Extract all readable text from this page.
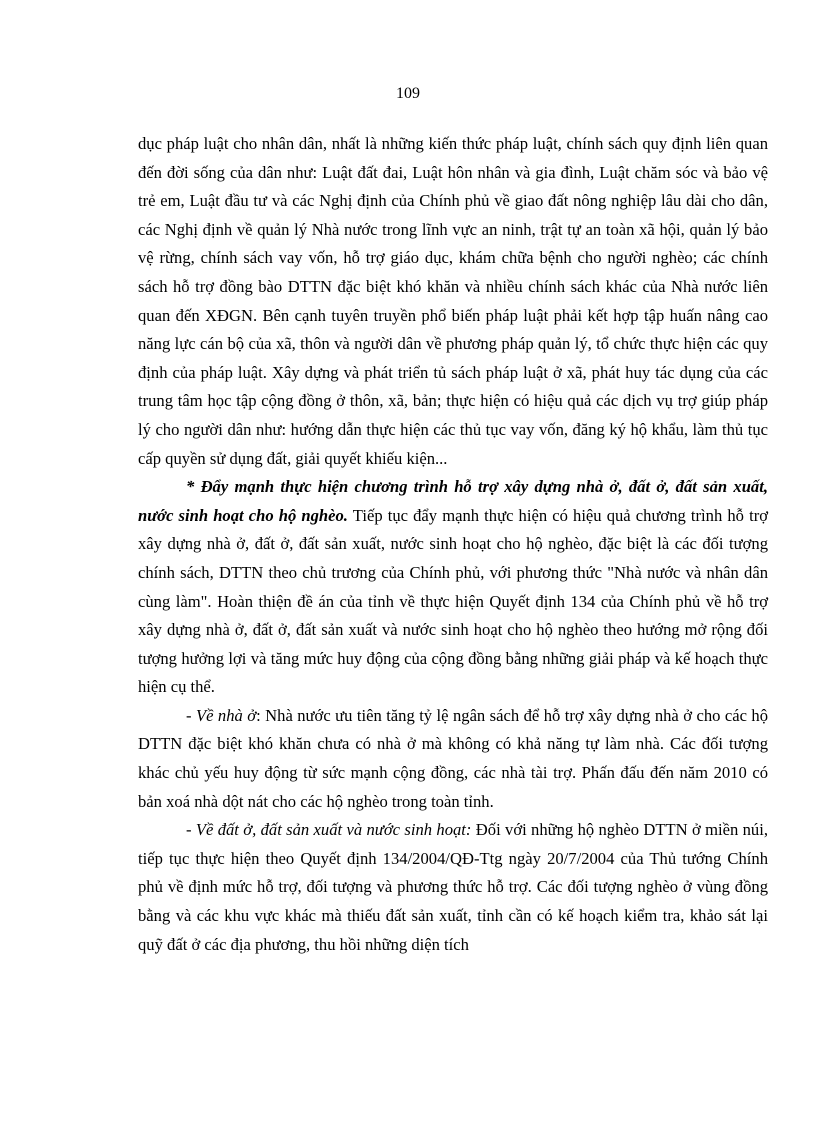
109

dục pháp luật cho nhân dân, nhất là những kiến thức pháp luật, chính sách quy định liên quan đến đời sống của dân như: Luật đất đai, Luật hôn nhân và gia đình, Luật chăm sóc và bảo vệ trẻ em, Luật đầu tư và các Nghị định của Chính phủ về giao đất nông nghiệp lâu dài cho dân, các Nghị định về quản lý Nhà nước trong lĩnh vực an ninh, trật tự an toàn xã hội, quản lý bảo vệ rừng, chính sách vay vốn, hỗ trợ giáo dục, khám chữa bệnh cho người nghèo; các chính sách hỗ trợ đồng bào DTTN đặc biệt khó khăn và nhiều chính sách khác của Nhà nước liên quan đến XĐGN. Bên cạnh tuyên truyền phổ biến pháp luật phải kết hợp tập huấn nâng cao năng lực cán bộ của xã, thôn và người dân về phương pháp quản lý, tổ chức thực hiện các quy định của pháp luật. Xây dựng và phát triển tủ sách pháp luật ở xã, phát huy tác dụng của các trung tâm học tập cộng đồng ở thôn, xã, bản; thực hiện có hiệu quả các dịch vụ trợ giúp pháp lý cho người dân như: hướng dẫn thực hiện các thủ tục vay vốn, đăng ký hộ khẩu, làm thủ tục cấp quyền sử dụng đất, giải quyết khiếu kiện...

* Đẩy mạnh thực hiện chương trình hỗ trợ xây dựng nhà ở, đất ở, đất sản xuất, nước sinh hoạt cho hộ nghèo. Tiếp tục đẩy mạnh thực hiện có hiệu quả chương trình hỗ trợ xây dựng nhà ở, đất ở, đất sản xuất, nước sinh hoạt cho hộ nghèo, đặc biệt là các đối tượng chính sách, DTTN theo chủ trương của Chính phủ, với phương thức "Nhà nước và nhân dân cùng làm". Hoàn thiện đề án của tỉnh về thực hiện Quyết định 134 của Chính phủ về hỗ trợ xây dựng nhà ở, đất ở, đất sản xuất và nước sinh hoạt cho hộ nghèo theo hướng mở rộng đối tượng hưởng lợi và tăng mức huy động của cộng đồng bằng những giải pháp và kế hoạch thực hiện cụ thể.

- Về nhà ở: Nhà nước ưu tiên tăng tỷ lệ ngân sách để hỗ trợ xây dựng nhà ở cho các hộ DTTN đặc biệt khó khăn chưa có nhà ở mà không có khả năng tự làm nhà. Các đối tượng khác chủ yếu huy động từ sức mạnh cộng đồng, các nhà tài trợ. Phấn đấu đến năm 2010 có bản xoá nhà dột nát cho các hộ nghèo trong toàn tỉnh.

- Về đất ở, đất sản xuất và nước sinh hoạt: Đối với những hộ nghèo DTTN ở miền núi, tiếp tục thực hiện theo Quyết định 134/2004/QĐ-Ttg ngày 20/7/2004 của Thủ tướng Chính phủ về định mức hỗ trợ, đối tượng và phương thức hỗ trợ. Các đối tượng nghèo ở vùng đồng bằng và các khu vực khác mà thiếu đất sản xuất, tỉnh cần có kế hoạch kiểm tra, khảo sát lại quỹ đất ở các địa phương, thu hồi những diện tích
